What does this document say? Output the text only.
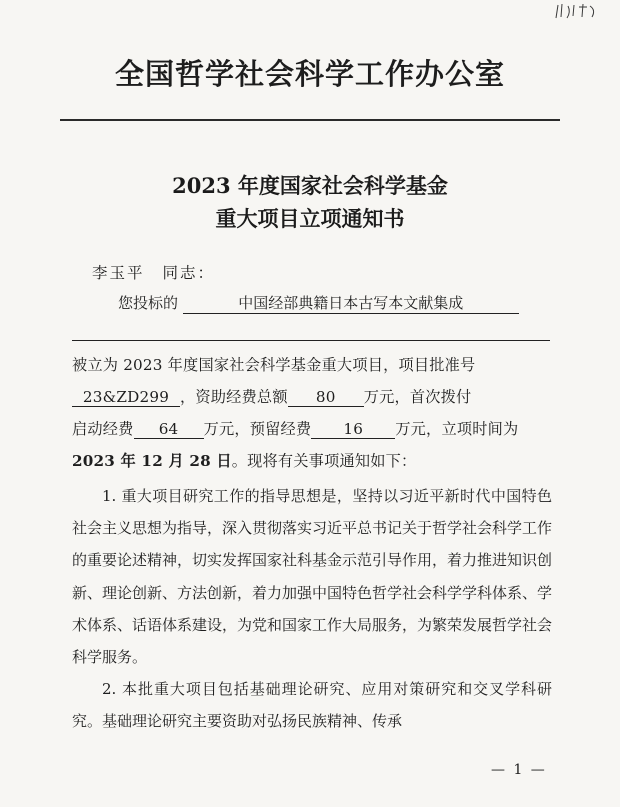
全国哲学社会科学工作办公室
2023 年度国家社会科学基金
重大项目立项通知书
李玉平 同志：
您投标的	中国经部典籍日本古写本文献集成
被立为 2023 年度国家社会科学基金重大项目，项目批准号
23&ZD299 ，资助经费总额 80 万元，首次拨付
启动经费 64 万元，预留经费 16 万元，立项时间为
2023 年 12 月 28 日。现将有关事项通知如下：

1. 重大项目研究工作的指导思想是，坚持以习近平新时代中国特色社会主义思想为指导，深入贯彻落实习近平总书记关于哲学社会科学工作的重要论述精神，切实发挥国家社科基金示范引导作用，着力推进知识创新、理论创新、方法创新，着力加强中国特色哲学社会科学学科体系、学术体系、话语体系建设，为党和国家工作大局服务，为繁荣发展哲学社会科学服务。

2. 本批重大项目包括基础理论研究、应用对策研究和交叉学科研究。基础理论研究主要资助对弘扬民族精神、传承

— 1 —
